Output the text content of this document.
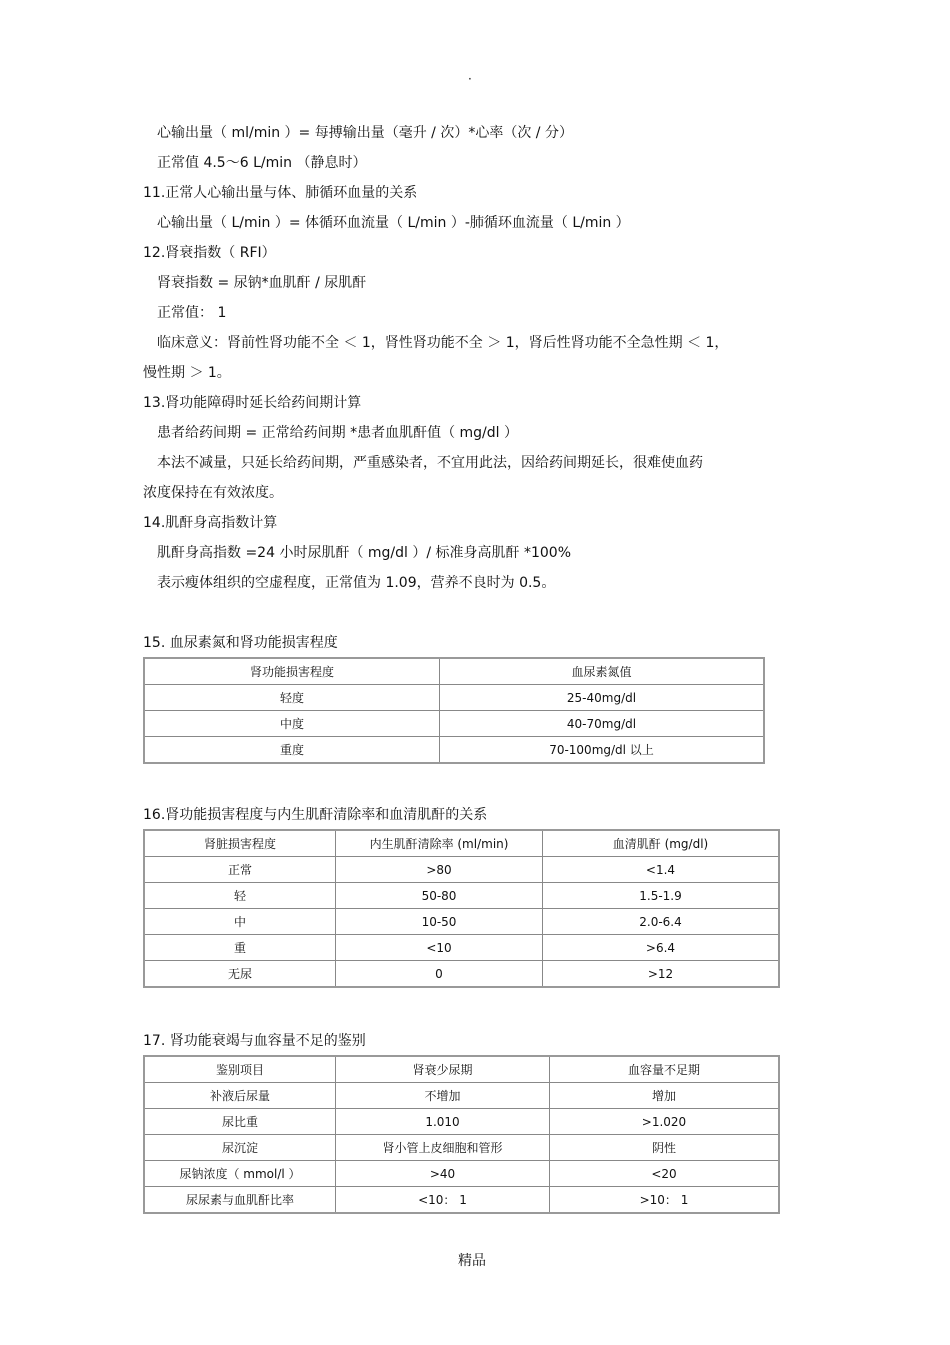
·
心输出量（ ml/min ）= 每搏输出量（毫升 / 次）*心率（次 / 分）
正常值 4.5～6 L/min （静息时）
11.正常人心输出量与体、肺循环血量的关系
心输出量（ L/min ）= 体循环血流量（ L/min ）-肺循环血流量（ L/min ）
12.肾衰指数（ RFI）
肾衰指数 = 尿钠*血肌酐 / 尿肌酐
正常值： 1
临床意义：肾前性肾功能不全 ＜ 1，肾性肾功能不全 ＞ 1，肾后性肾功能不全急性期 ＜ 1，
慢性期 ＞ 1。
13.肾功能障碍时延长给药间期计算
患者给药间期 = 正常给药间期 *患者血肌酐值（ mg/dl ）
本法不减量，只延长给药间期，严重感染者，不宜用此法，因给药间期延长，很难使血药
浓度保持在有效浓度。
14.肌酐身高指数计算
肌酐身高指数 =24 小时尿肌酐（ mg/dl ）/ 标准身高肌酐 *100%
表示瘦体组织的空虚程度，正常值为 1.09，营养不良时为 0.5。
15. 血尿素氮和肾功能损害程度
肾功能损害程度	血尿素氮值
轻度	25-40mg/dl
中度	40-70mg/dl
重度	70-100mg/dl 以上
16.肾功能损害程度与内生肌酐清除率和血清肌酐的关系
肾脏损害程度	内生肌酐清除率 (ml/min)	血清肌酐 (mg/dl)
正常	>80	<1.4
轻	50-80	1.5-1.9
中	10-50	2.0-6.4
重	<10	>6.4
无尿	0	>12
17. 肾功能衰竭与血容量不足的鉴别
鉴别项目	肾衰少尿期	血容量不足期
补液后尿量	不增加	增加
尿比重	1.010	>1.020
尿沉淀	肾小管上皮细胞和管形	阴性
尿钠浓度（ mmol/l ）	>40	<20
尿尿素与血肌酐比率	<10： 1	>10： 1
精品
